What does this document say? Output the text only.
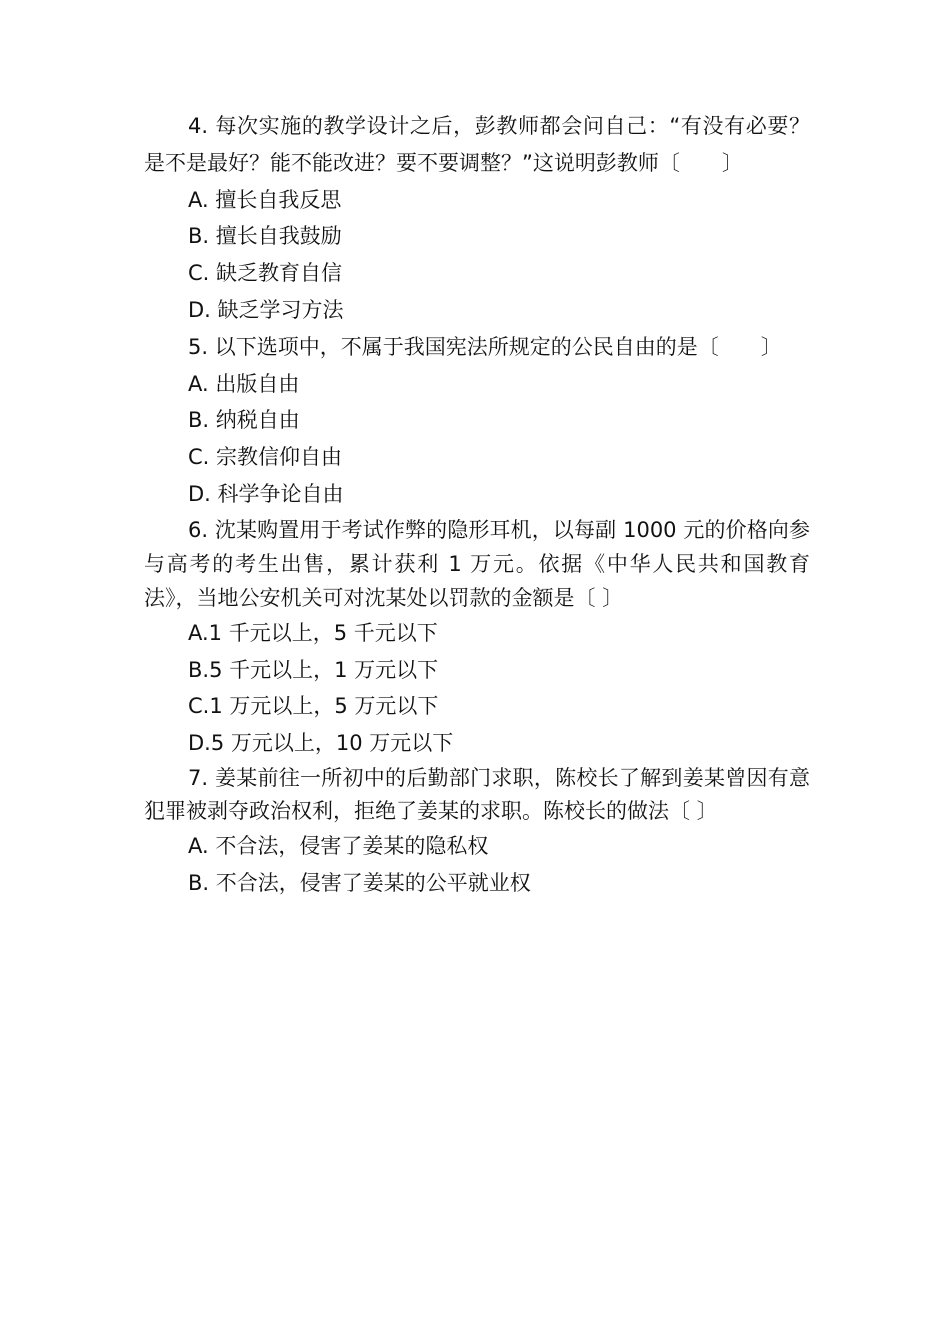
4. 每次实施的教学设计之后，彭教师都会问自己：“有没有必要？是不是最好？能不能改进？要不要调整？”这说明彭教师〔　　〕

A. 擅长自我反思

B. 擅长自我鼓励

C. 缺乏教育自信

D. 缺乏学习方法

5. 以下选项中，不属于我国宪法所规定的公民自由的是〔　　〕

A. 出版自由

B. 纳税自由

C. 宗教信仰自由

D. 科学争论自由

6. 沈某购置用于考试作弊的隐形耳机，以每副 1000 元的价格向参与高考的考生出售，累计获利 1 万元。依据《中华人民共和国教育法》，当地公安机关可对沈某处以罚款的金额是〔 〕

A.1 千元以上，5 千元以下

B.5 千元以上，1 万元以下

C.1 万元以上，5 万元以下

D.5 万元以上，10 万元以下

7. 姜某前往一所初中的后勤部门求职，陈校长了解到姜某曾因有意犯罪被剥夺政治权利，拒绝了姜某的求职。陈校长的做法〔 〕

A. 不合法，侵害了姜某的隐私权

B. 不合法，侵害了姜某的公平就业权
